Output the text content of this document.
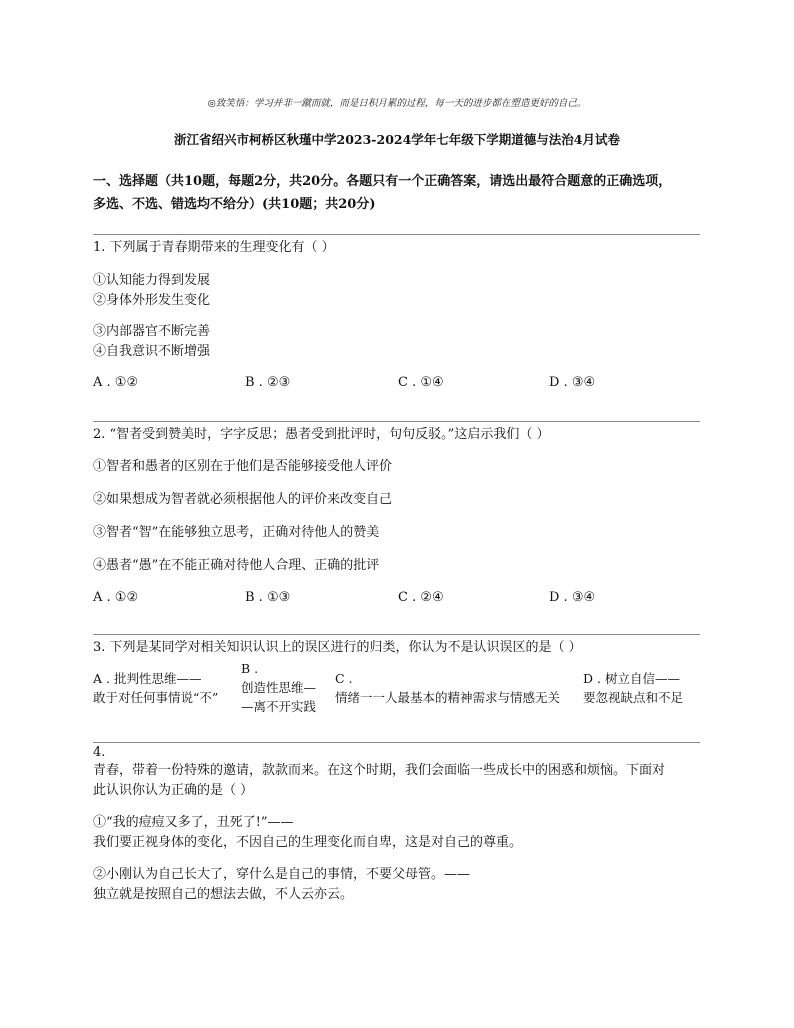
◎致笑悟：学习并非一蹴而就，而是日积月累的过程，每一天的进步都在塑造更好的自己。
浙江省绍兴市柯桥区秋瑾中学2023-2024学年七年级下学期道德与法治4月试卷
一、选择题（共10题，每题2分，共20分。各题只有一个正确答案，请选出最符合题意的正确选项，
多选、不选、错选均不给分）(共10题；共20分)
1. 下列属于青春期带来的生理变化有（ ）
①认知能力得到发展
②身体外形发生变化
③内部器官不断完善
④自我意识不断增强
A . ①②	B . ②③	C . ①④	D . ③④
2. “智者受到赞美时，字字反思；愚者受到批评时，句句反驳。”这启示我们（ ）
①智者和愚者的区别在于他们是否能够接受他人评价
②如果想成为智者就必须根据他人的评价来改变自己
③智者“智”在能够独立思考，正确对待他人的赞美
④愚者“愚”在不能正确对待他人合理、正确的批评
A . ①②	B . ①③	C . ②④	D . ③④
3. 下列是某同学对相关知识认识上的误区进行的归类，你认为不是认识误区的是（ ）
A . 批判性思维——
敢于对任何事情说“不”
B .
创造性思维—
—离不开实践
C .
情绪一一人最基本的精神需求与情感无关
D . 树立自信——
要忽视缺点和不足
4.
青春，带着一份特殊的邀请，款款而来。在这个时期，我们会面临一些成长中的困惑和烦恼。下面对
此认识你认为正确的是（ ）
①“我的痘痘又多了，丑死了!”——
我们要正视身体的变化，不因自己的生理变化而自卑，这是对自己的尊重。
②小刚认为自己长大了，穿什么是自己的事情，不要父母管。——
独立就是按照自己的想法去做，不人云亦云。
